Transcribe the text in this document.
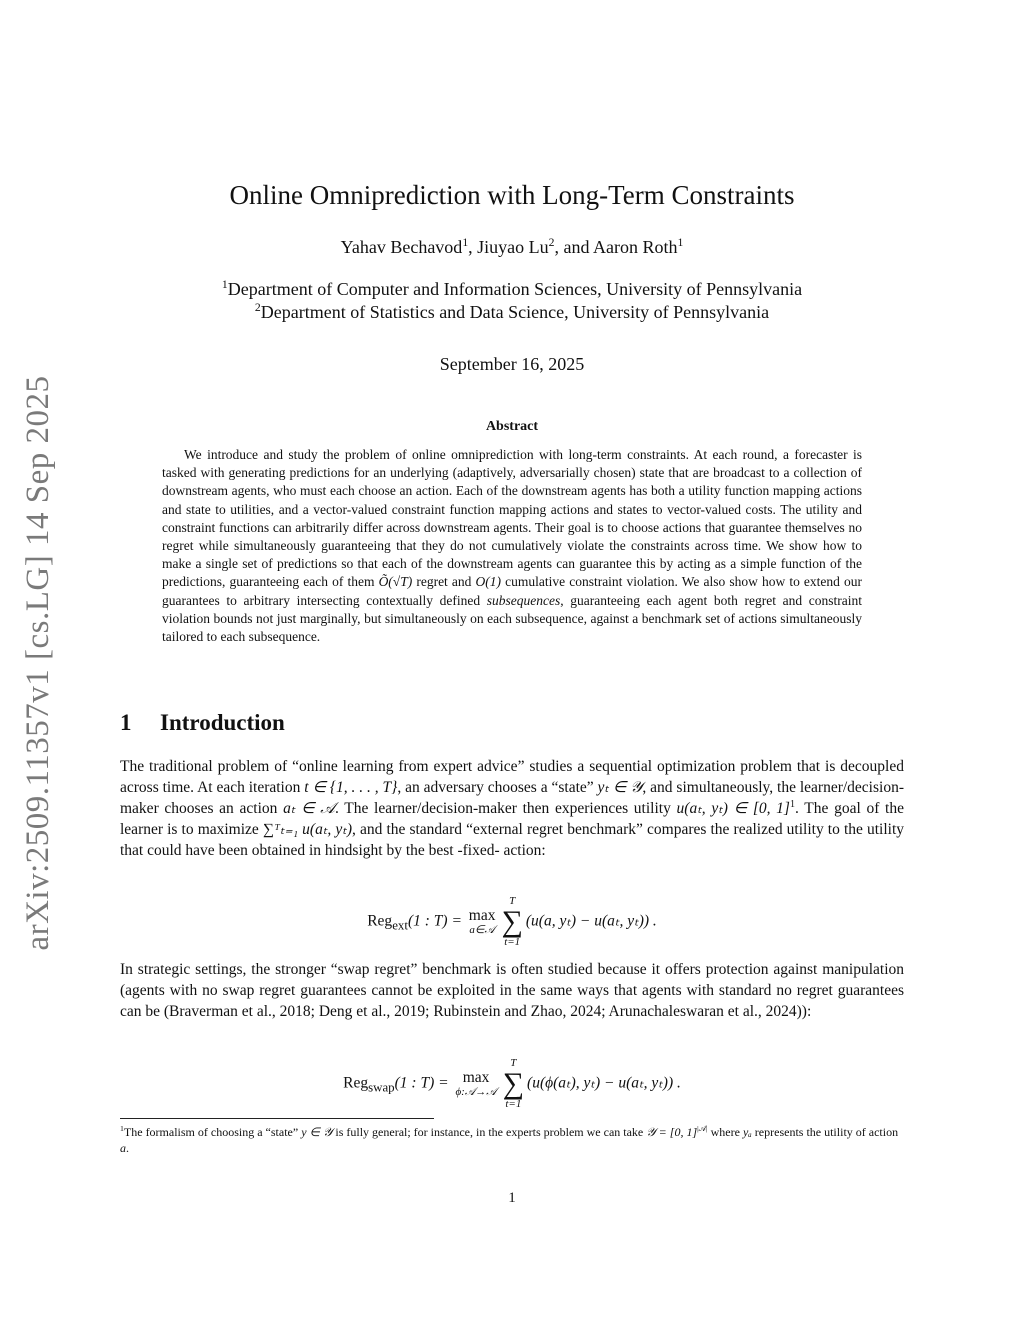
arXiv:2509.11357v1 [cs.LG] 14 Sep 2025
Online Omniprediction with Long-Term Constraints
Yahav Bechavod$^1$, Jiuyao Lu$^2$, and Aaron Roth$^1$
$^1$Department of Computer and Information Sciences, University of Pennsylvania
$^2$Department of Statistics and Data Science, University of Pennsylvania
September 16, 2025
Abstract

We introduce and study the problem of online omniprediction with long-term constraints. At each round, a forecaster is tasked with generating predictions for an underlying (adaptively, adversarially chosen) state that are broadcast to a collection of downstream agents, who must each choose an action. Each of the downstream agents has both a utility function mapping actions and state to utilities, and a vector-valued constraint function mapping actions and states to vector-valued costs. The utility and constraint functions can arbitrarily differ across downstream agents. Their goal is to choose actions that guarantee themselves no regret while simultaneously guaranteeing that they do not cumulatively violate the constraints across time. We show how to make a single set of predictions so that each of the downstream agents can guarantee this by acting as a simple function of the predictions, guaranteeing each of them Õ(√T) regret and O(1) cumulative constraint violation. We also show how to extend our guarantees to arbitrary intersecting contextually defined subsequences, guaranteeing each agent both regret and constraint violation bounds not just marginally, but simultaneously on each subsequence, against a benchmark set of actions simultaneously tailored to each subsequence.

1 Introduction

The traditional problem of “online learning from expert advice” studies a sequential optimization problem that is decoupled across time. At each iteration t ∈ {1, . . . , T}, an adversary chooses a “state” yₜ ∈ 𝒴, and simultaneously, the learner/decision-maker chooses an action aₜ ∈ 𝒜. The learner/decision-maker then experiences utility u(aₜ, yₜ) ∈ [0, 1]$^1$. The goal of the learner is to maximize ∑ᵀₜ₌₁ u(aₜ, yₜ), and the standard “external regret benchmark” compares the realized utility to the utility that could have been obtained in hindsight by the best -fixed- action:

Reg$_{ext}$(1 : T) = max
a∈𝒜
T
∑
t=1
(u(a, yₜ) − u(aₜ, yₜ)) .

In strategic settings, the stronger “swap regret” benchmark is often studied because it offers protection against manipulation (agents with no swap regret guarantees cannot be exploited in the same ways that agents with standard no regret guarantees can be (Braverman et al., 2018; Deng et al., 2019; Rubinstein and Zhao, 2024; Arunachaleswaran et al., 2024)):

Reg$_{swap}$(1 : T) = max
ϕ:𝒜→𝒜
T
∑
t=1
(u(ϕ(aₜ), yₜ) − u(aₜ, yₜ)) .

$^1$The formalism of choosing a “state” y ∈ 𝒴 is fully general; for instance, in the experts problem we can take 𝒴 = [0, 1]$^{|𝒜|}$ where yₐ represents the utility of action a.

1
